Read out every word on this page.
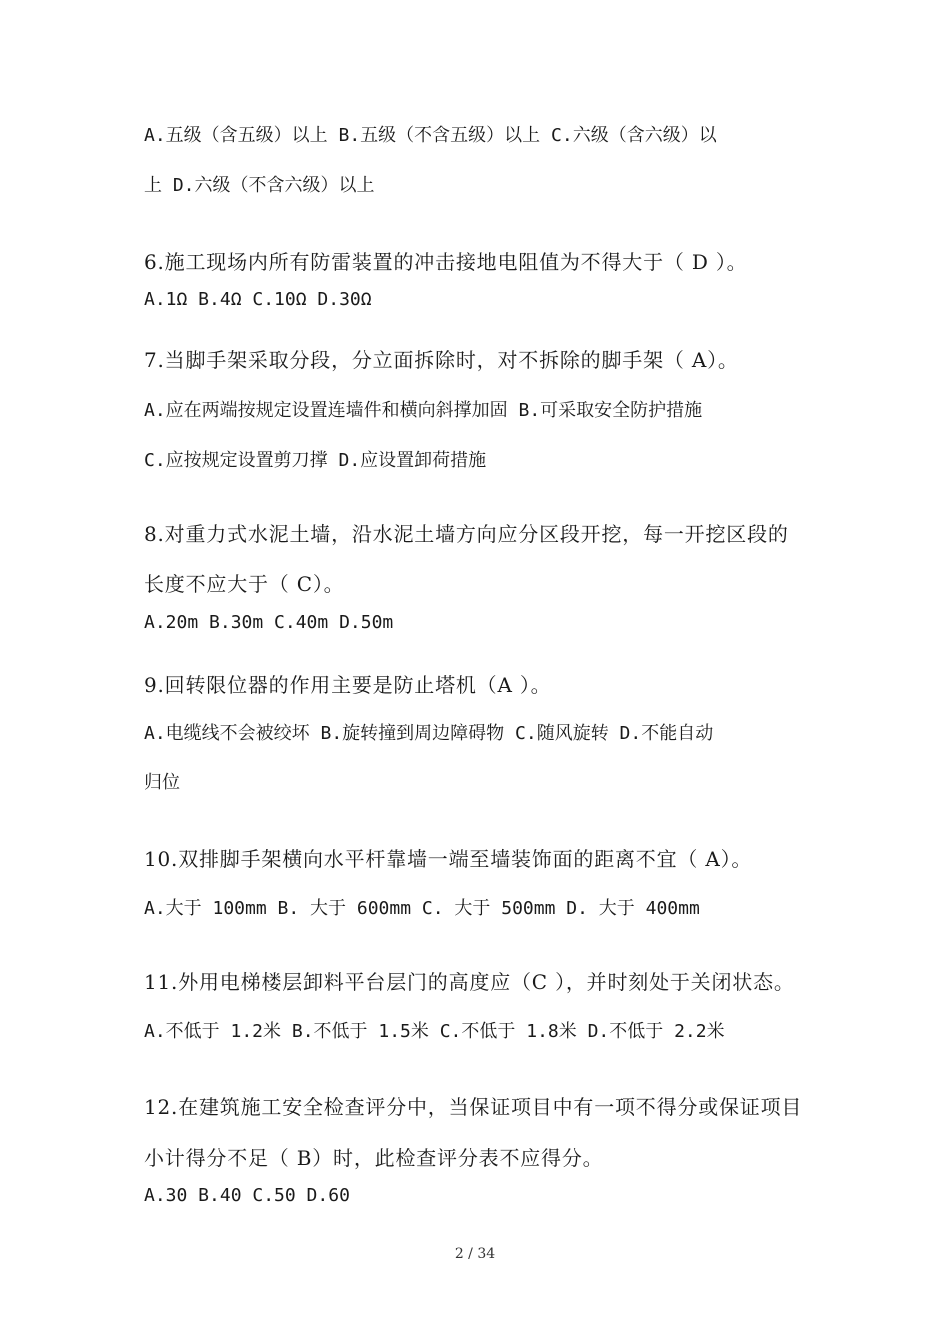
A.五级（含五级）以上 B.五级（不含五级）以上 C.六级（含六级）以
上 D.六级（不含六级）以上
6.施工现场内所有防雷装置的冲击接地电阻值为不得大于（ D ）。
A.1Ω B.4Ω C.10Ω D.30Ω
7.当脚手架采取分段，分立面拆除时，对不拆除的脚手架（ A）。
A.应在两端按规定设置连墙件和横向斜撑加固 B.可采取安全防护措施
C.应按规定设置剪刀撑 D.应设置卸荷措施
8.对重力式水泥土墙，沿水泥土墙方向应分区段开挖，每一开挖区段的
长度不应大于（ C）。
A.20m B.30m C.40m D.50m
9.回转限位器的作用主要是防止塔机（A ）。
A.电缆线不会被绞坏 B.旋转撞到周边障碍物 C.随风旋转 D.不能自动
归位
10.双排脚手架横向水平杆靠墙一端至墙装饰面的距离不宜（ A）。
A.大于 100mm B. 大于 600mm C. 大于 500mm D. 大于 400mm
11.外用电梯楼层卸料平台层门的高度应（C ），并时刻处于关闭状态。
A.不低于 1.2米 B.不低于 1.5米 C.不低于 1.8米 D.不低于 2.2米
12.在建筑施工安全检查评分中，当保证项目中有一项不得分或保证项目
小计得分不足（ B）时，此检查评分表不应得分。
A.30 B.40 C.50 D.60
2 / 34
